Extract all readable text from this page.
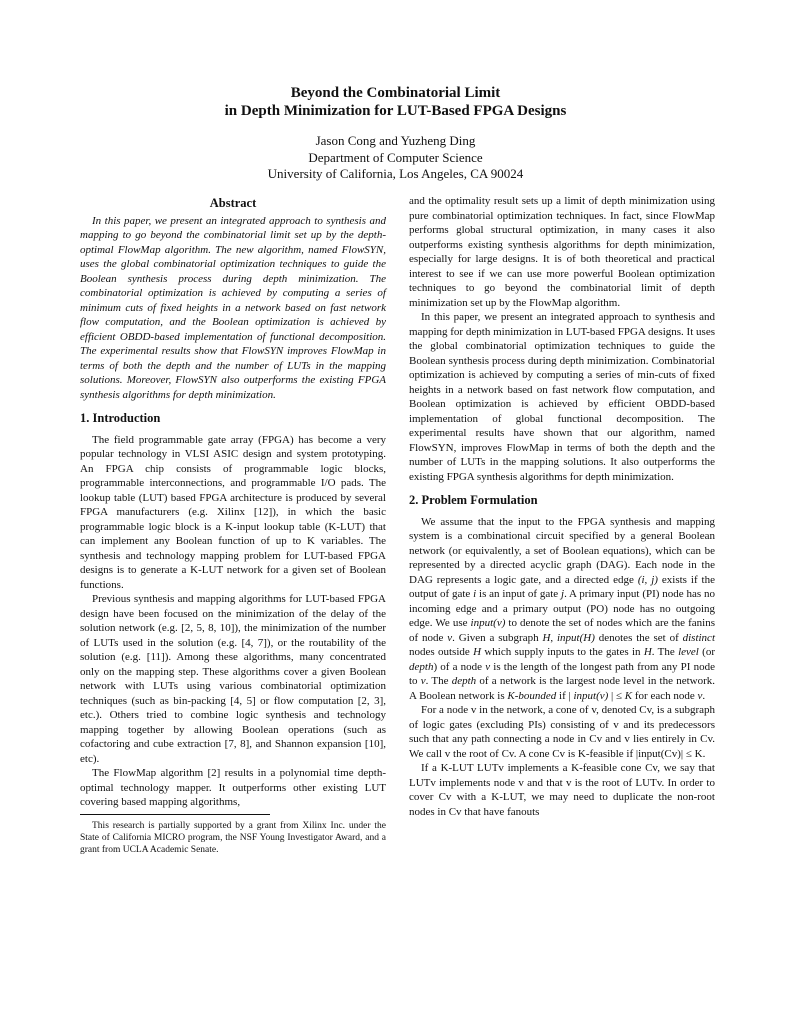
Beyond the Combinatorial Limit
in Depth Minimization for LUT-Based FPGA Designs
Jason Cong and Yuzheng Ding
Department of Computer Science
University of California, Los Angeles, CA 90024
Abstract

In this paper, we present an integrated approach to synthesis and mapping to go beyond the combinatorial limit set up by the depth-optimal FlowMap algorithm. The new algorithm, named FlowSYN, uses the global combinatorial optimization techniques to guide the Boolean synthesis process during depth minimization. The combinatorial optimization is achieved by computing a series of minimum cuts of fixed heights in a network based on fast network flow computation, and the Boolean optimization is achieved by efficient OBDD-based implementation of functional decomposition. The experimental results show that FlowSYN improves FlowMap in terms of both the depth and the number of LUTs in the mapping solutions. Moreover, FlowSYN also outperforms the existing FPGA synthesis algorithms for depth minimization.

1. Introduction

The field programmable gate array (FPGA) has become a very popular technology in VLSI ASIC design and system prototyping. An FPGA chip consists of programmable logic blocks, programmable interconnections, and programmable I/O pads. The lookup table (LUT) based FPGA architecture is produced by several FPGA manufacturers (e.g. Xilinx [12]), in which the basic programmable logic block is a K-input lookup table (K-LUT) that can implement any Boolean function of up to K variables. The synthesis and technology mapping problem for LUT-based FPGA designs is to generate a K-LUT network for a given set of Boolean functions.

Previous synthesis and mapping algorithms for LUT-based FPGA design have been focused on the minimization of the delay of the solution network (e.g. [2, 5, 8, 10]), the minimization of the number of LUTs used in the solution (e.g. [4, 7]), or the routability of the solution (e.g. [11]). Among these algorithms, many concentrated only on the mapping step. These algorithms cover a given Boolean network with LUTs using various combinatorial optimization techniques (such as bin-packing [4, 5] or flow computation [2, 3], etc.). Others tried to combine logic synthesis and technology mapping together by allowing Boolean operations (such as cofactoring and cube extraction [7, 8], and Shannon expansion [10], etc).

The FlowMap algorithm [2] results in a polynomial time depth-optimal technology mapper. It outperforms other existing LUT covering based mapping algorithms,

This research is partially supported by a grant from Xilinx Inc. under the State of California MICRO program, the NSF Young Investigator Award, and a grant from UCLA Academic Senate.

and the optimality result sets up a limit of depth minimization using pure combinatorial optimization techniques. In fact, since FlowMap performs global structural optimization, in many cases it also outperforms existing synthesis algorithms for depth minimization, especially for large designs. It is of both theoretical and practical interest to see if we can use more powerful Boolean optimization techniques to go beyond the combinatorial limit of depth minimization set up by the FlowMap algorithm.

In this paper, we present an integrated approach to synthesis and mapping for depth minimization in LUT-based FPGA designs. It uses the global combinatorial optimization techniques to guide the Boolean synthesis process during depth minimization. Combinatorial optimization is achieved by computing a series of min-cuts of fixed heights in a network based on fast network flow computation, and Boolean optimization is achieved by efficient OBDD-based implementation of global functional decomposition. The experimental results have shown that our algorithm, named FlowSYN, improves FlowMap in terms of both the depth and the number of LUTs in the mapping solutions. It also outperforms the existing FPGA synthesis algorithms for depth minimization.

2. Problem Formulation

We assume that the input to the FPGA synthesis and mapping system is a combinational circuit specified by a general Boolean network (or equivalently, a set of Boolean equations), which can be represented by a directed acyclic graph (DAG). Each node in the DAG represents a logic gate, and a directed edge (i, j) exists if the output of gate i is an input of gate j. A primary input (PI) node has no incoming edge and a primary output (PO) node has no outgoing edge. We use input(v) to denote the set of nodes which are the fanins of node v. Given a subgraph H, input(H) denotes the set of distinct nodes outside H which supply inputs to the gates in H. The level (or depth) of a node v is the length of the longest path from any PI node to v. The depth of a network is the largest node level in the network. A Boolean network is K-bounded if | input(v) | ≤ K for each node v.

For a node v in the network, a cone of v, denoted Cv, is a subgraph of logic gates (excluding PIs) consisting of v and its predecessors such that any path connecting a node in Cv and v lies entirely in Cv. We call v the root of Cv. A cone Cv is K-feasible if |input(Cv)| ≤ K.

If a K-LUT LUTv implements a K-feasible cone Cv, we say that LUTv implements node v and that v is the root of LUTv. In order to cover Cv with a K-LUT, we may need to duplicate the non-root nodes in Cv that have fanouts
